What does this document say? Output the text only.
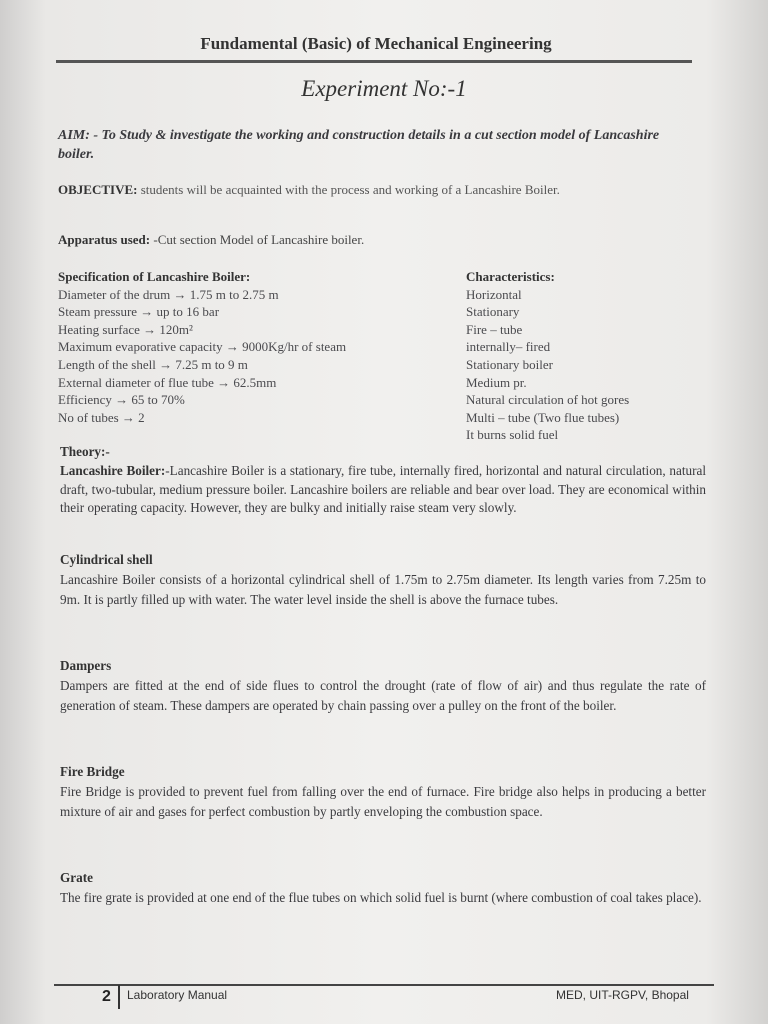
Fundamental (Basic) of Mechanical Engineering
Experiment No:-1
AIM: - To Study & investigate the working and construction details in a cut section model of Lancashire boiler.
OBJECTIVE: students will be acquainted with the process and working of a Lancashire Boiler.
Apparatus used: -Cut section Model of Lancashire boiler.
Specification of Lancashire Boiler:
Diameter of the drum → 1.75 m to 2.75 m
Steam pressure → up to 16 bar
Heating surface → 120m²
Maximum evaporative capacity → 9000Kg/hr of steam
Length of the shell → 7.25 m to 9 m
External diameter of flue tube → 62.5mm
Efficiency → 65 to 70%
No of tubes → 2
Characteristics:
Horizontal
Stationary
Fire – tube
internally– fired
Stationary boiler
Medium pr.
Natural circulation of hot gores
Multi – tube (Two flue tubes)
It burns solid fuel
Theory:-

Lancashire Boiler:-Lancashire Boiler is a stationary, fire tube, internally fired, horizontal and natural circulation, natural draft, two-tubular, medium pressure boiler. Lancashire boilers are reliable and bear over load. They are economical within their operating capacity. However, they are bulky and initially raise steam very slowly.

Cylindrical shell

Lancashire Boiler consists of a horizontal cylindrical shell of 1.75m to 2.75m diameter. Its length varies from 7.25m to 9m. It is partly filled up with water. The water level inside the shell is above the furnace tubes.

Dampers

Dampers are fitted at the end of side flues to control the drought (rate of flow of air) and thus regulate the rate of generation of steam. These dampers are operated by chain passing over a pulley on the front of the boiler.

Fire Bridge

Fire Bridge is provided to prevent fuel from falling over the end of furnace. Fire bridge also helps in producing a better mixture of air and gases for perfect combustion by partly enveloping the combustion space.

Grate

The fire grate is provided at one end of the flue tubes on which solid fuel is burnt (where combustion of coal takes place).

2 Laboratory Manual	MED, UIT-RGPV, Bhopal
